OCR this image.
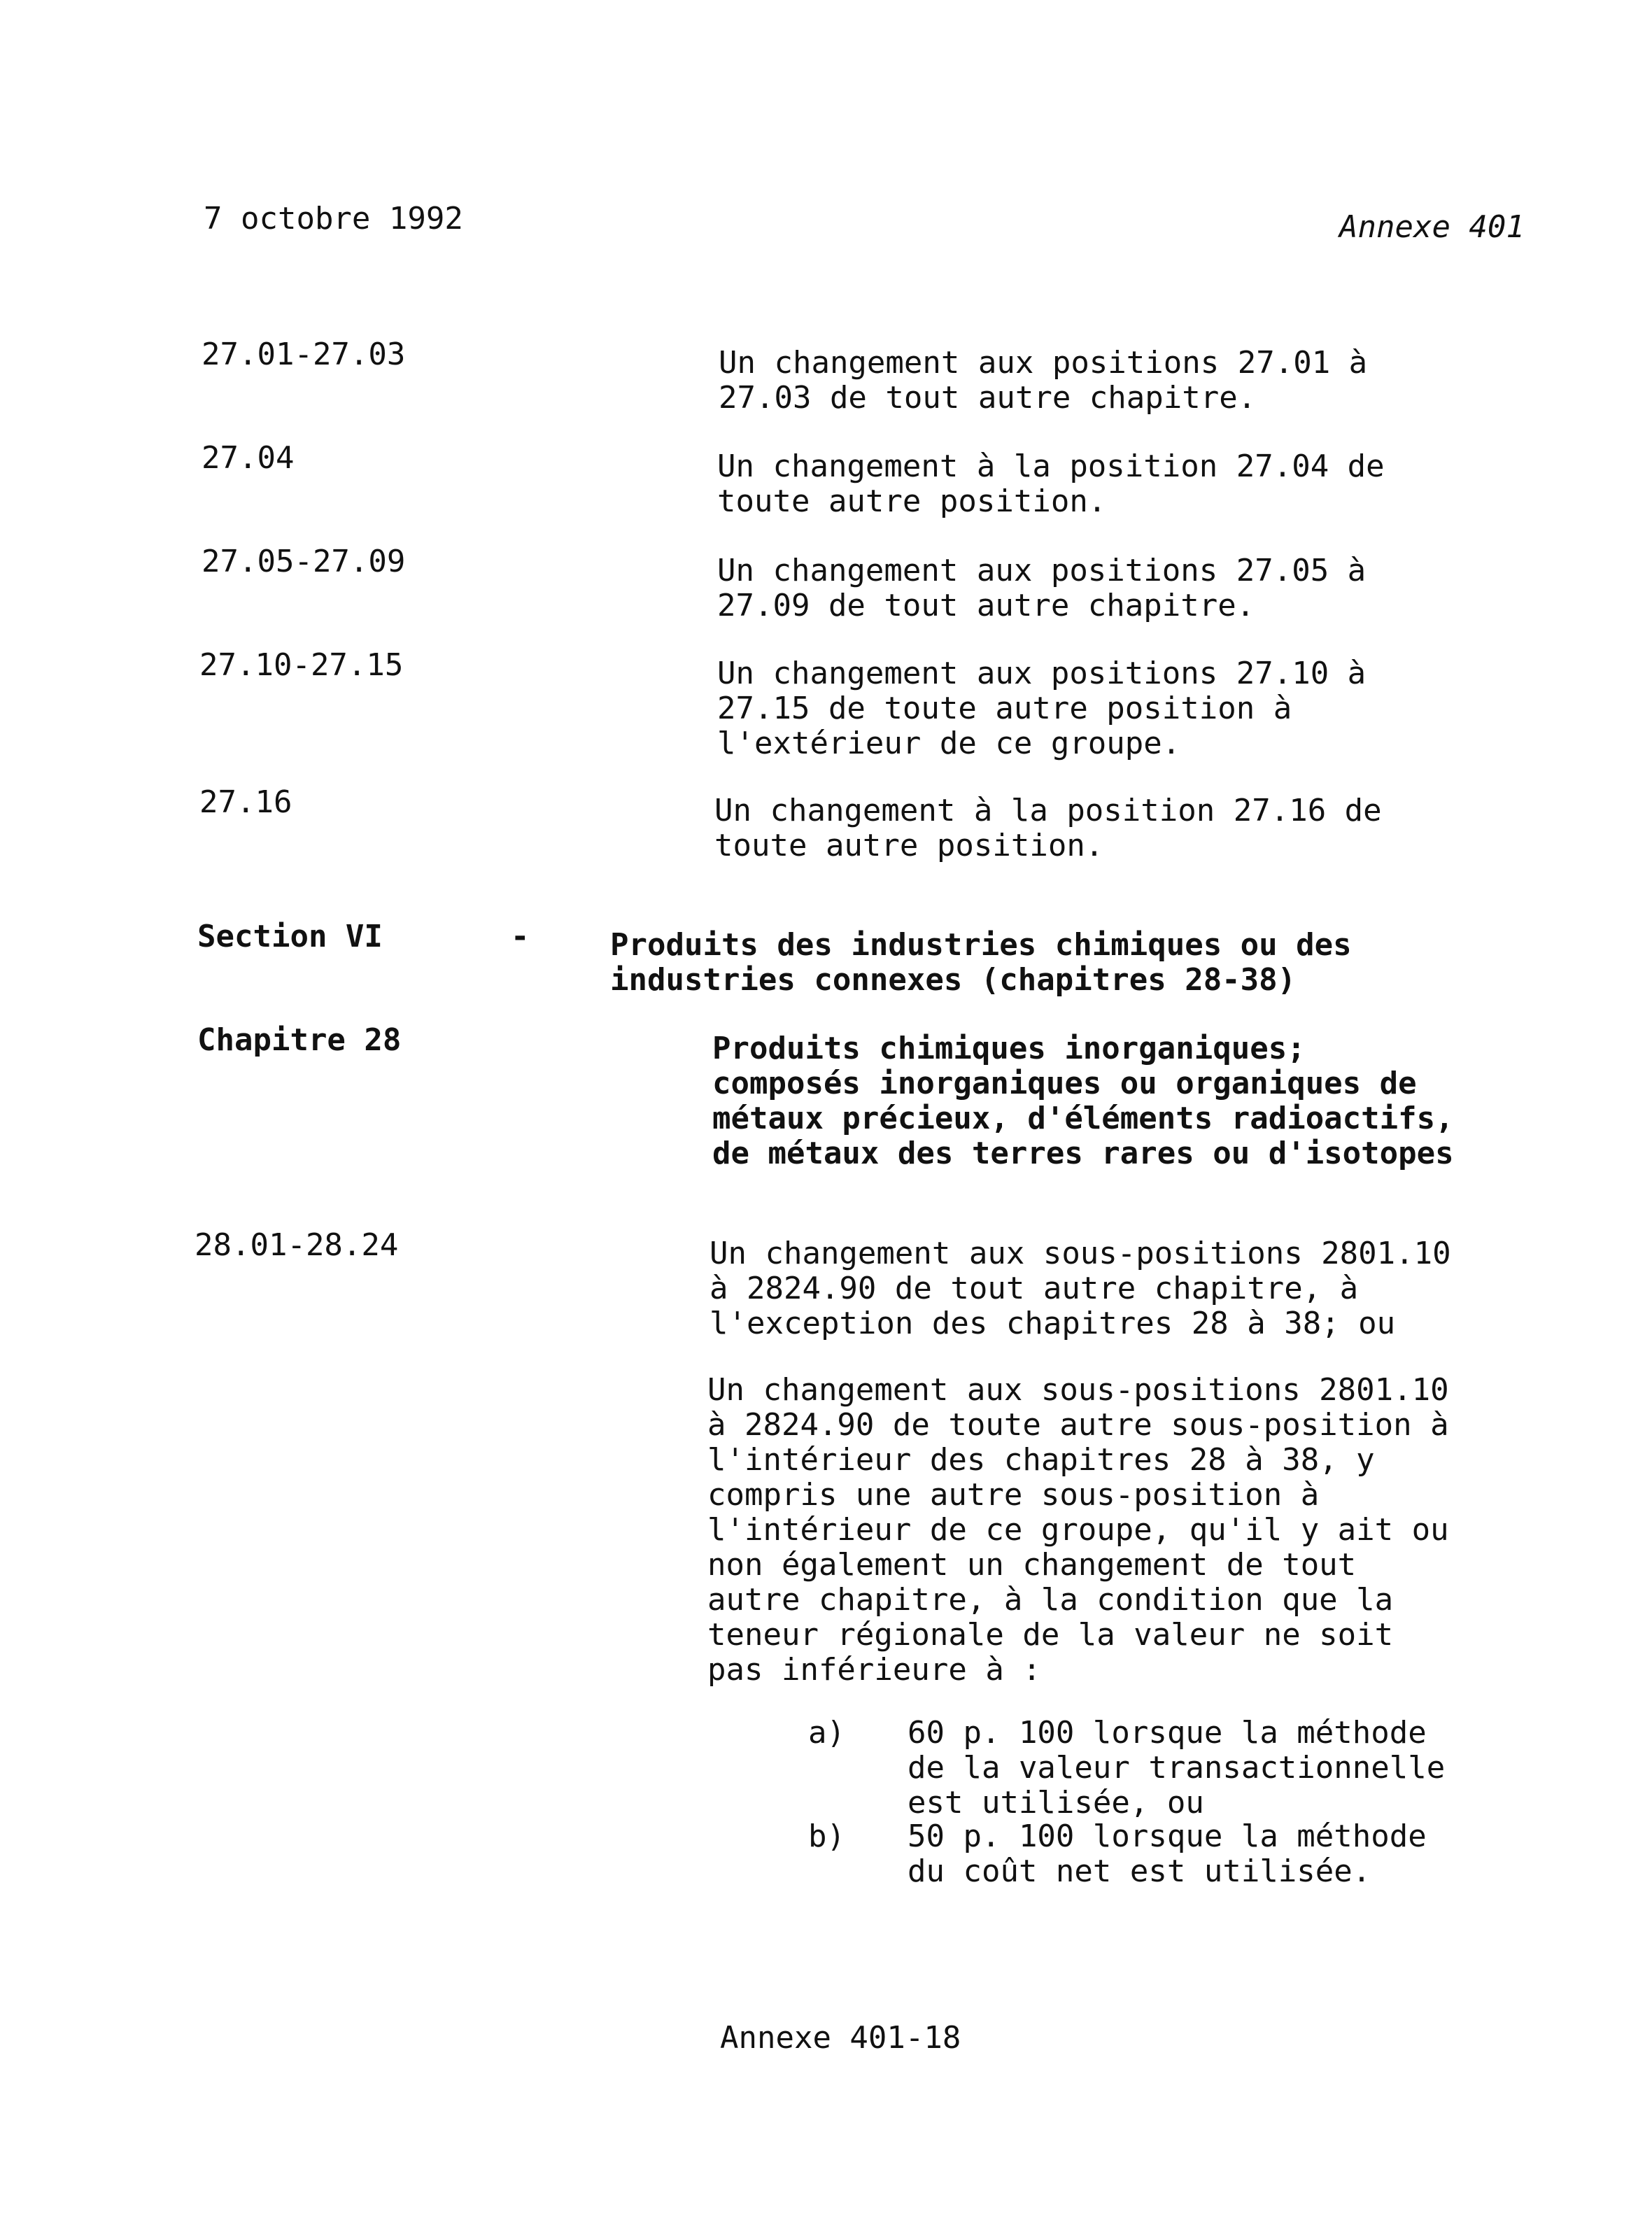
7 octobre 1992	Annexe 401
27.01-27.03	Un changement aux positions 27.01 à
27.03 de tout autre chapitre.
27.04	Un changement à la position 27.04 de
toute autre position.
27.05-27.09	Un changement aux positions 27.05 à
27.09 de tout autre chapitre.
27.10-27.15	Un changement aux positions 27.10 à
27.15 de toute autre position à
l'extérieur de ce groupe.
27.16	Un changement à la position 27.16 de
toute autre position.
Section VI	-	Produits des industries chimiques ou des
industries connexes (chapitres 28-38)
Chapitre 28	Produits chimiques inorganiques;
composés inorganiques ou organiques de
métaux précieux, d'éléments radioactifs,
de métaux des terres rares ou d'isotopes
28.01-28.24	Un changement aux sous-positions 2801.10
à 2824.90 de tout autre chapitre, à
l'exception des chapitres 28 à 38; ou
Un changement aux sous-positions 2801.10
à 2824.90 de toute autre sous-position à
l'intérieur des chapitres 28 à 38, y
compris une autre sous-position à
l'intérieur de ce groupe, qu'il y ait ou
non également un changement de tout
autre chapitre, à la condition que la
teneur régionale de la valeur ne soit
pas inférieure à :
a) 60 p. 100 lorsque la méthode
de la valeur transactionnelle
est utilisée, ou
b) 50 p. 100 lorsque la méthode
du coût net est utilisée.
Annexe 401-18
